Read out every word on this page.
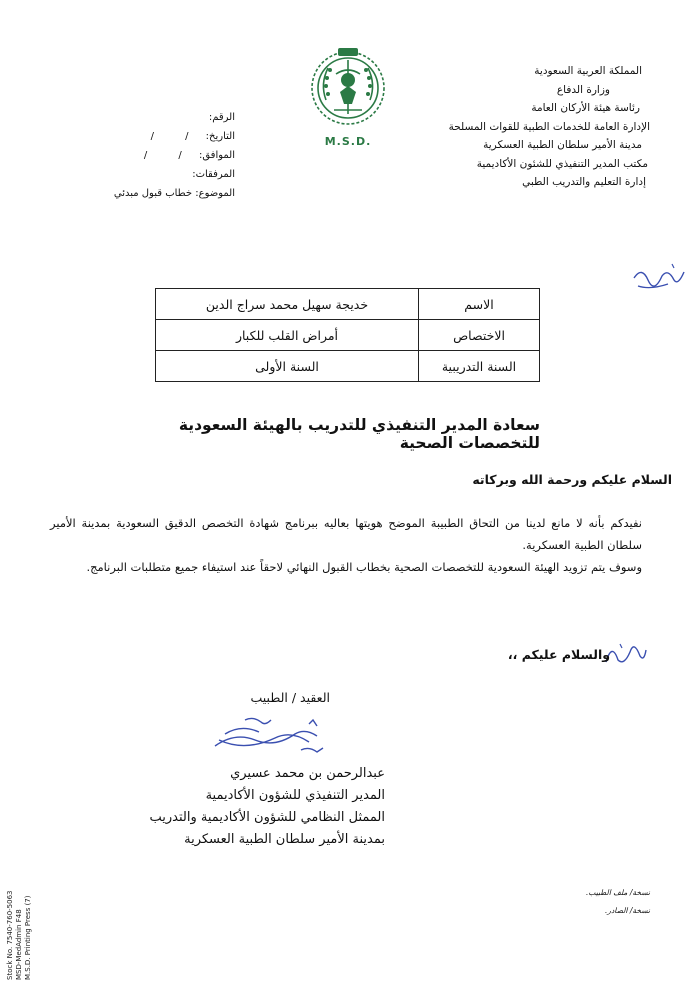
المملكة العربية السعودية
وزارة الدفاع
رئاسة هيئة الأركان العامة
الإدارة العامة للخدمات الطبية للقوات المسلحة
مدينة الأمير سلطان الطبية العسكرية
مكتب المدير التنفيذي للشئون الأكاديمية
إدارة التعليم والتدريب الطبي
M.S.D.
الرقم:
التاريخ: / /
الموافق: / /
المرفقات:
الموضوع: خطاب قبول مبدئي
الاسم	خديجة سهيل محمد سراج الدين
الاختصاص	أمراض القلب للكبار
السنة التدريبية	السنة الأولى
سعادة المدير التنفيذي للتدريب بالهيئة السعودية للتخصصات الصحية
السلام عليكم ورحمة الله وبركاته

نفيدكم بأنه لا مانع لدينا من التحاق الطبيبة الموضح هويتها بعاليه ببرنامج شهادة التخصص الدقيق السعودية بمدينة الأمير سلطان الطبية العسكرية.

وسوف يتم تزويد الهيئة السعودية للتخصصات الصحية بخطاب القبول النهائي لاحقاً عند استيفاء جميع متطلبات البرنامج.

والسلام عليكم ،،
العقيد / الطبيب
عبدالرحمن بن محمد عسيري
المدير التنفيذي للشؤون الأكاديمية
الممثل النظامي للشؤون الأكاديمية والتدريب
بمدينة الأمير سلطان الطبية العسكرية
نسخة/ ملف الطبيب.
نسخة/ الصادر.
Stock No. 7540-760-5063 MSD-MedAdmin F48 M.S.D. Printing Press (7)
